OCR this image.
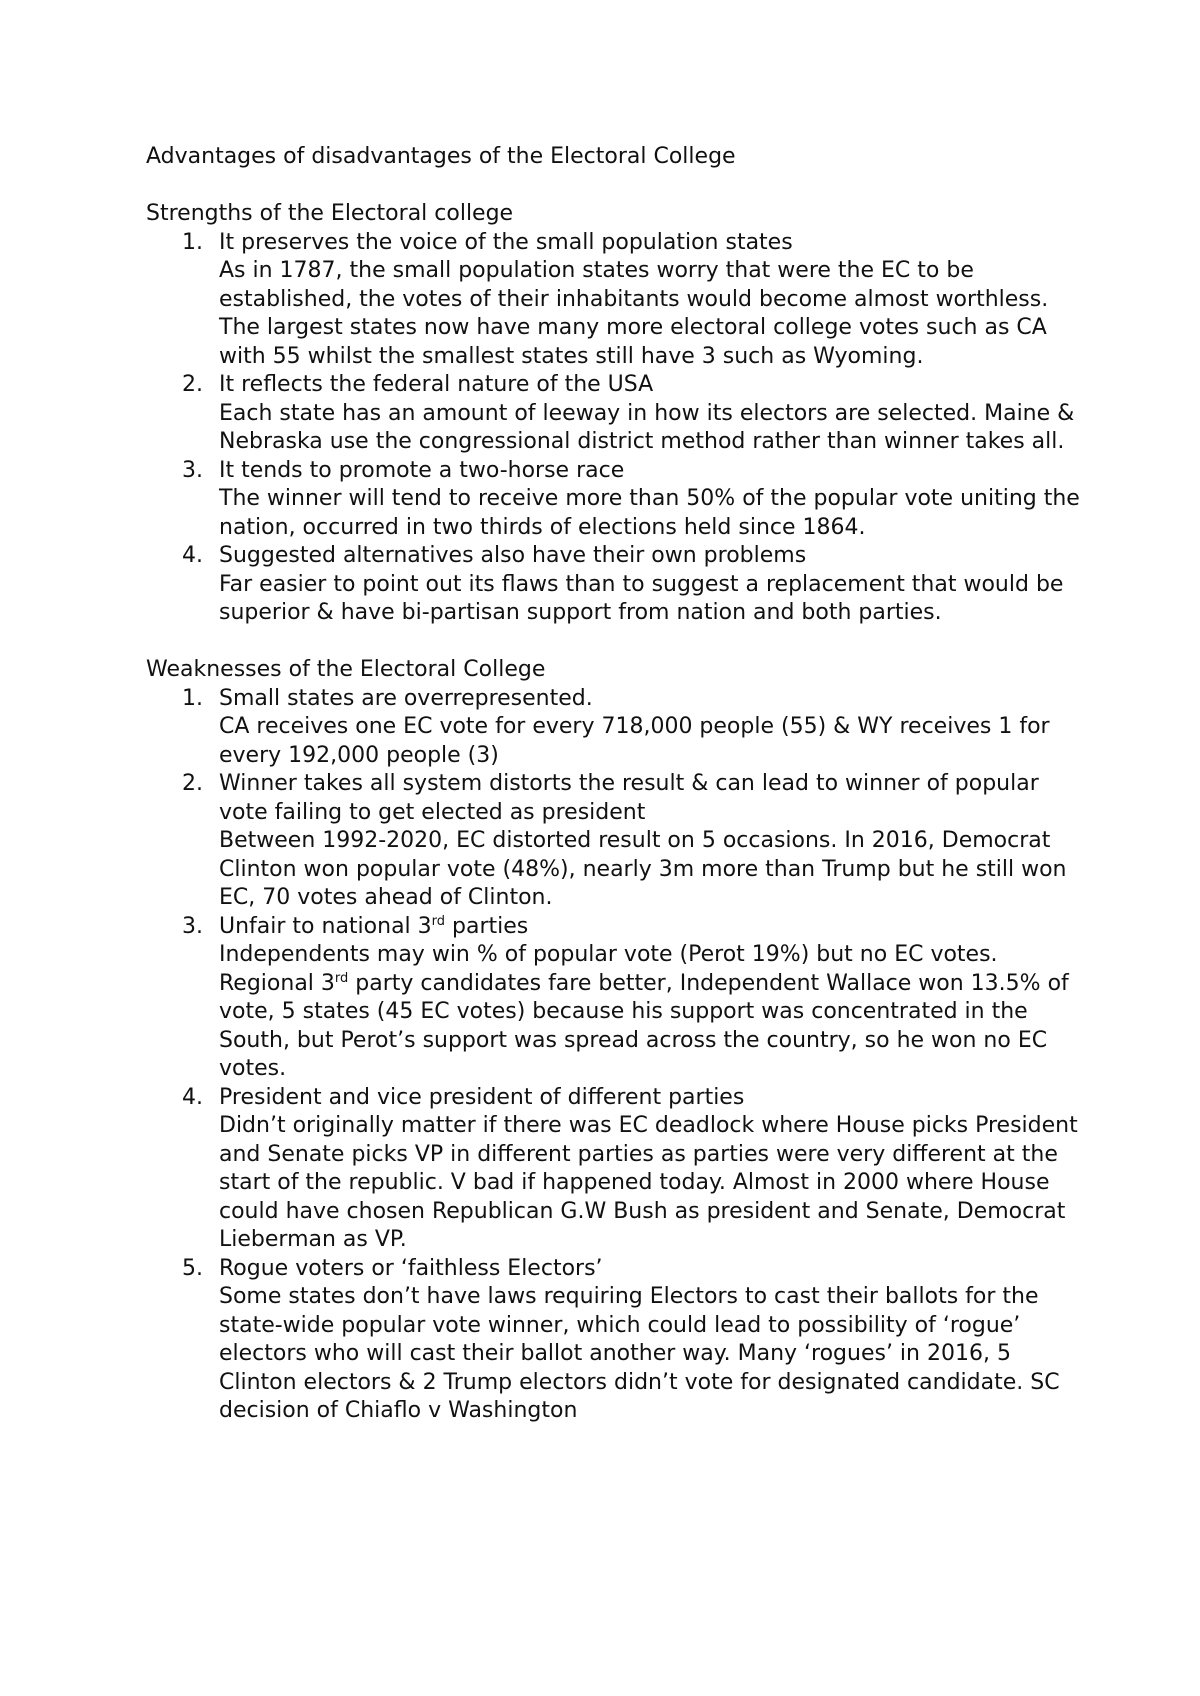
Advantages of disadvantages of the Electoral College
Strengths of the Electoral college
1. It preserves the voice of the small population states
As in 1787, the small population states worry that were the EC to be established, the votes of their inhabitants would become almost worthless. The largest states now have many more electoral college votes such as CA with 55 whilst the smallest states still have 3 such as Wyoming.
2. It reflects the federal nature of the USA
Each state has an amount of leeway in how its electors are selected. Maine & Nebraska use the congressional district method rather than winner takes all.
3. It tends to promote a two-horse race
The winner will tend to receive more than 50% of the popular vote uniting the nation, occurred in two thirds of elections held since 1864.
4. Suggested alternatives also have their own problems
Far easier to point out its flaws than to suggest a replacement that would be superior & have bi-partisan support from nation and both parties.
Weaknesses of the Electoral College
1. Small states are overrepresented.
CA receives one EC vote for every 718,000 people (55) & WY receives 1 for every 192,000 people (3)
2. Winner takes all system distorts the result & can lead to winner of popular vote failing to get elected as president
Between 1992-2020, EC distorted result on 5 occasions. In 2016, Democrat Clinton won popular vote (48%), nearly 3m more than Trump but he still won EC, 70 votes ahead of Clinton.
3. Unfair to national 3rd parties
Independents may win % of popular vote (Perot 19%) but no EC votes. Regional 3rd party candidates fare better, Independent Wallace won 13.5% of vote, 5 states (45 EC votes) because his support was concentrated in the South, but Perot’s support was spread across the country, so he won no EC votes.
4. President and vice president of different parties
Didn’t originally matter if there was EC deadlock where House picks President and Senate picks VP in different parties as parties were very different at the start of the republic. V bad if happened today. Almost in 2000 where House could have chosen Republican G.W Bush as president and Senate, Democrat Lieberman as VP.
5. Rogue voters or ‘faithless Electors’
Some states don’t have laws requiring Electors to cast their ballots for the state-wide popular vote winner, which could lead to possibility of ‘rogue’ electors who will cast their ballot another way. Many ‘rogues’ in 2016, 5 Clinton electors & 2 Trump electors didn’t vote for designated candidate. SC decision of Chiaflo v Washington
